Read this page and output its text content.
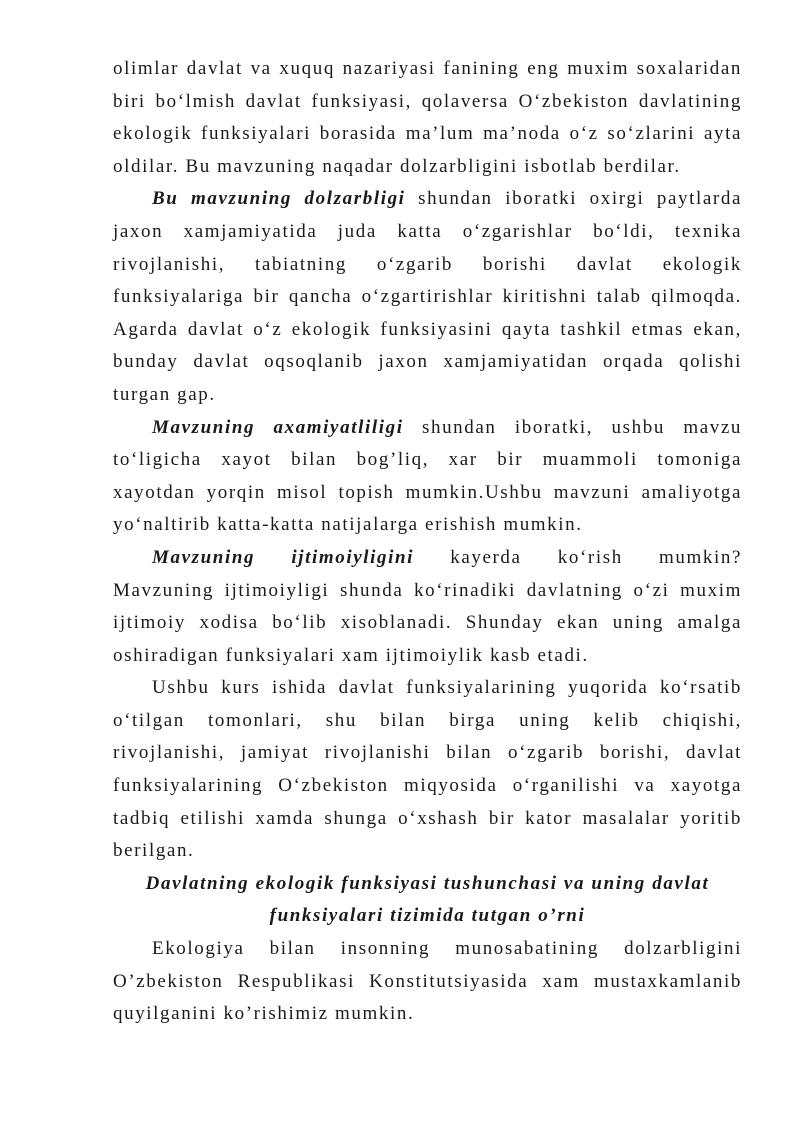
olimlar davlat va xuquq nazariyasi fanining eng muxim soxalaridan
biri bo‘lmish davlat funksiyasi, qolaversa O‘zbekiston davlatining
ekologik funksiyalari borasida ma’lum ma’noda o‘z so‘zlarini ayta
oldilar. Bu mavzuning naqadar dolzarbligini isbotlab berdilar.
Bu mavzuning dolzarbligi shundan iboratki oxirgi paytlarda
jaxon xamjamiyatida juda katta o‘zgarishlar bo‘ldi, texnika
rivojlanishi, tabiatning o‘zgarib borishi davlat ekologik
funksiyalariga bir qancha o‘zgartirishlar kiritishni talab qilmoqda.
Agarda davlat o‘z ekologik funksiyasini qayta tashkil etmas ekan,
bunday davlat oqsoqlanib jaxon xamjamiyatidan orqada qolishi
turgan gap.
Mavzuning axamiyatliligi shundan iboratki, ushbu mavzu
to‘ligicha xayot bilan bog’liq, xar bir muammoli tomoniga
xayotdan yorqin misol topish mumkin.Ushbu mavzuni amaliyotga
yo‘naltirib katta-katta natijalarga erishish mumkin.
Mavzuning ijtimoiyligini kayerda ko‘rish mumkin?
Mavzuning ijtimoiyligi shunda ko‘rinadiki davlatning o‘zi muxim
ijtimoiy xodisa bo‘lib xisoblanadi. Shunday ekan uning amalga
oshiradigan funksiyalari xam ijtimoiylik kasb etadi.
Ushbu kurs ishida davlat funksiyalarining yuqorida ko‘rsatib
o‘tilgan tomonlari, shu bilan birga uning kelib chiqishi,
rivojlanishi, jamiyat rivojlanishi bilan o‘zgarib borishi, davlat
funksiyalarining O‘zbekiston miqyosida o‘rganilishi va xayotga
tadbiq etilishi xamda shunga o‘xshash bir kator masalalar yoritib
berilgan.
Davlatning ekologik funksiyasi tushunchasi va uning davlat
funksiyalari tizimida tutgan o’rni
Ekologiya bilan insonning munosabatining dolzarbligini
O’zbekiston Respublikasi Konstitutsiyasida xam mustaxkamlanib
quyilganini ko’rishimiz mumkin.
